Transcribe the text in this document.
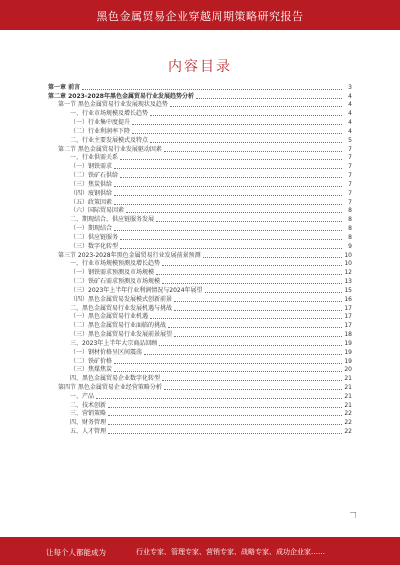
黑色金属贸易企业穿越周期策略研究报告
内容目录
第一章 前言	3
第二章 2023-2028年黑色金属贸易行业发展趋势分析	4
第一节 黑色金属贸易行业发展现状及趋势	4
一、行业市场规模及增长趋势	4
（一）行业集中度提升	4
（二）行业利润率下降	4
二、行业主要发展模式及特点	5
第二节 黑色金属贸易行业发展驱动因素	7
一、行业供需关系	7
（一）钢铁需求	7
（二）铁矿石供给	7
（三）焦炭供给	7
（四）废钢供给	7
（五）政策因素	7
（六）国际贸易因素	8
二、期现结合、供应链服务发展	8
（一）期现结合	8
（二）供应链服务	8
（三）数字化转型	9
第三节 2023-2028年黑色金属贸易行业发展前景预测	10
一、行业市场规模预测及增长趋势	10
（一）钢铁需求预测及市场规模	12
（二）铁矿石需求预测及市场规模	13
（三）2023年上半年行业利润情况与2024年展望	15
（四）黑色金属贸易发展模式创新前景	16
二、黑色金属贸易行业发展机遇与挑战	17
（一）黑色金属贸易行业机遇	17
（二）黑色金属贸易行业面临的挑战	17
（三）黑色金属贸易行业发展前景展望	18
三、2023年上半年大宗商品回顾	19
（一）钢材价格呈区间震荡	19
（二）铁矿价格	19
（三）焦煤焦炭	20
四、黑色金属贸易企业数字化转型	21
第四节 黑色金属贸易企业经营策略分析	21
一、产品	21
二、技术创新	21
三、营销策略	22
四、财务管理	22
五、人才管理	22
让每个人都能成为	行业专家、管理专家、营销专家、战略专家、成功企业家……
